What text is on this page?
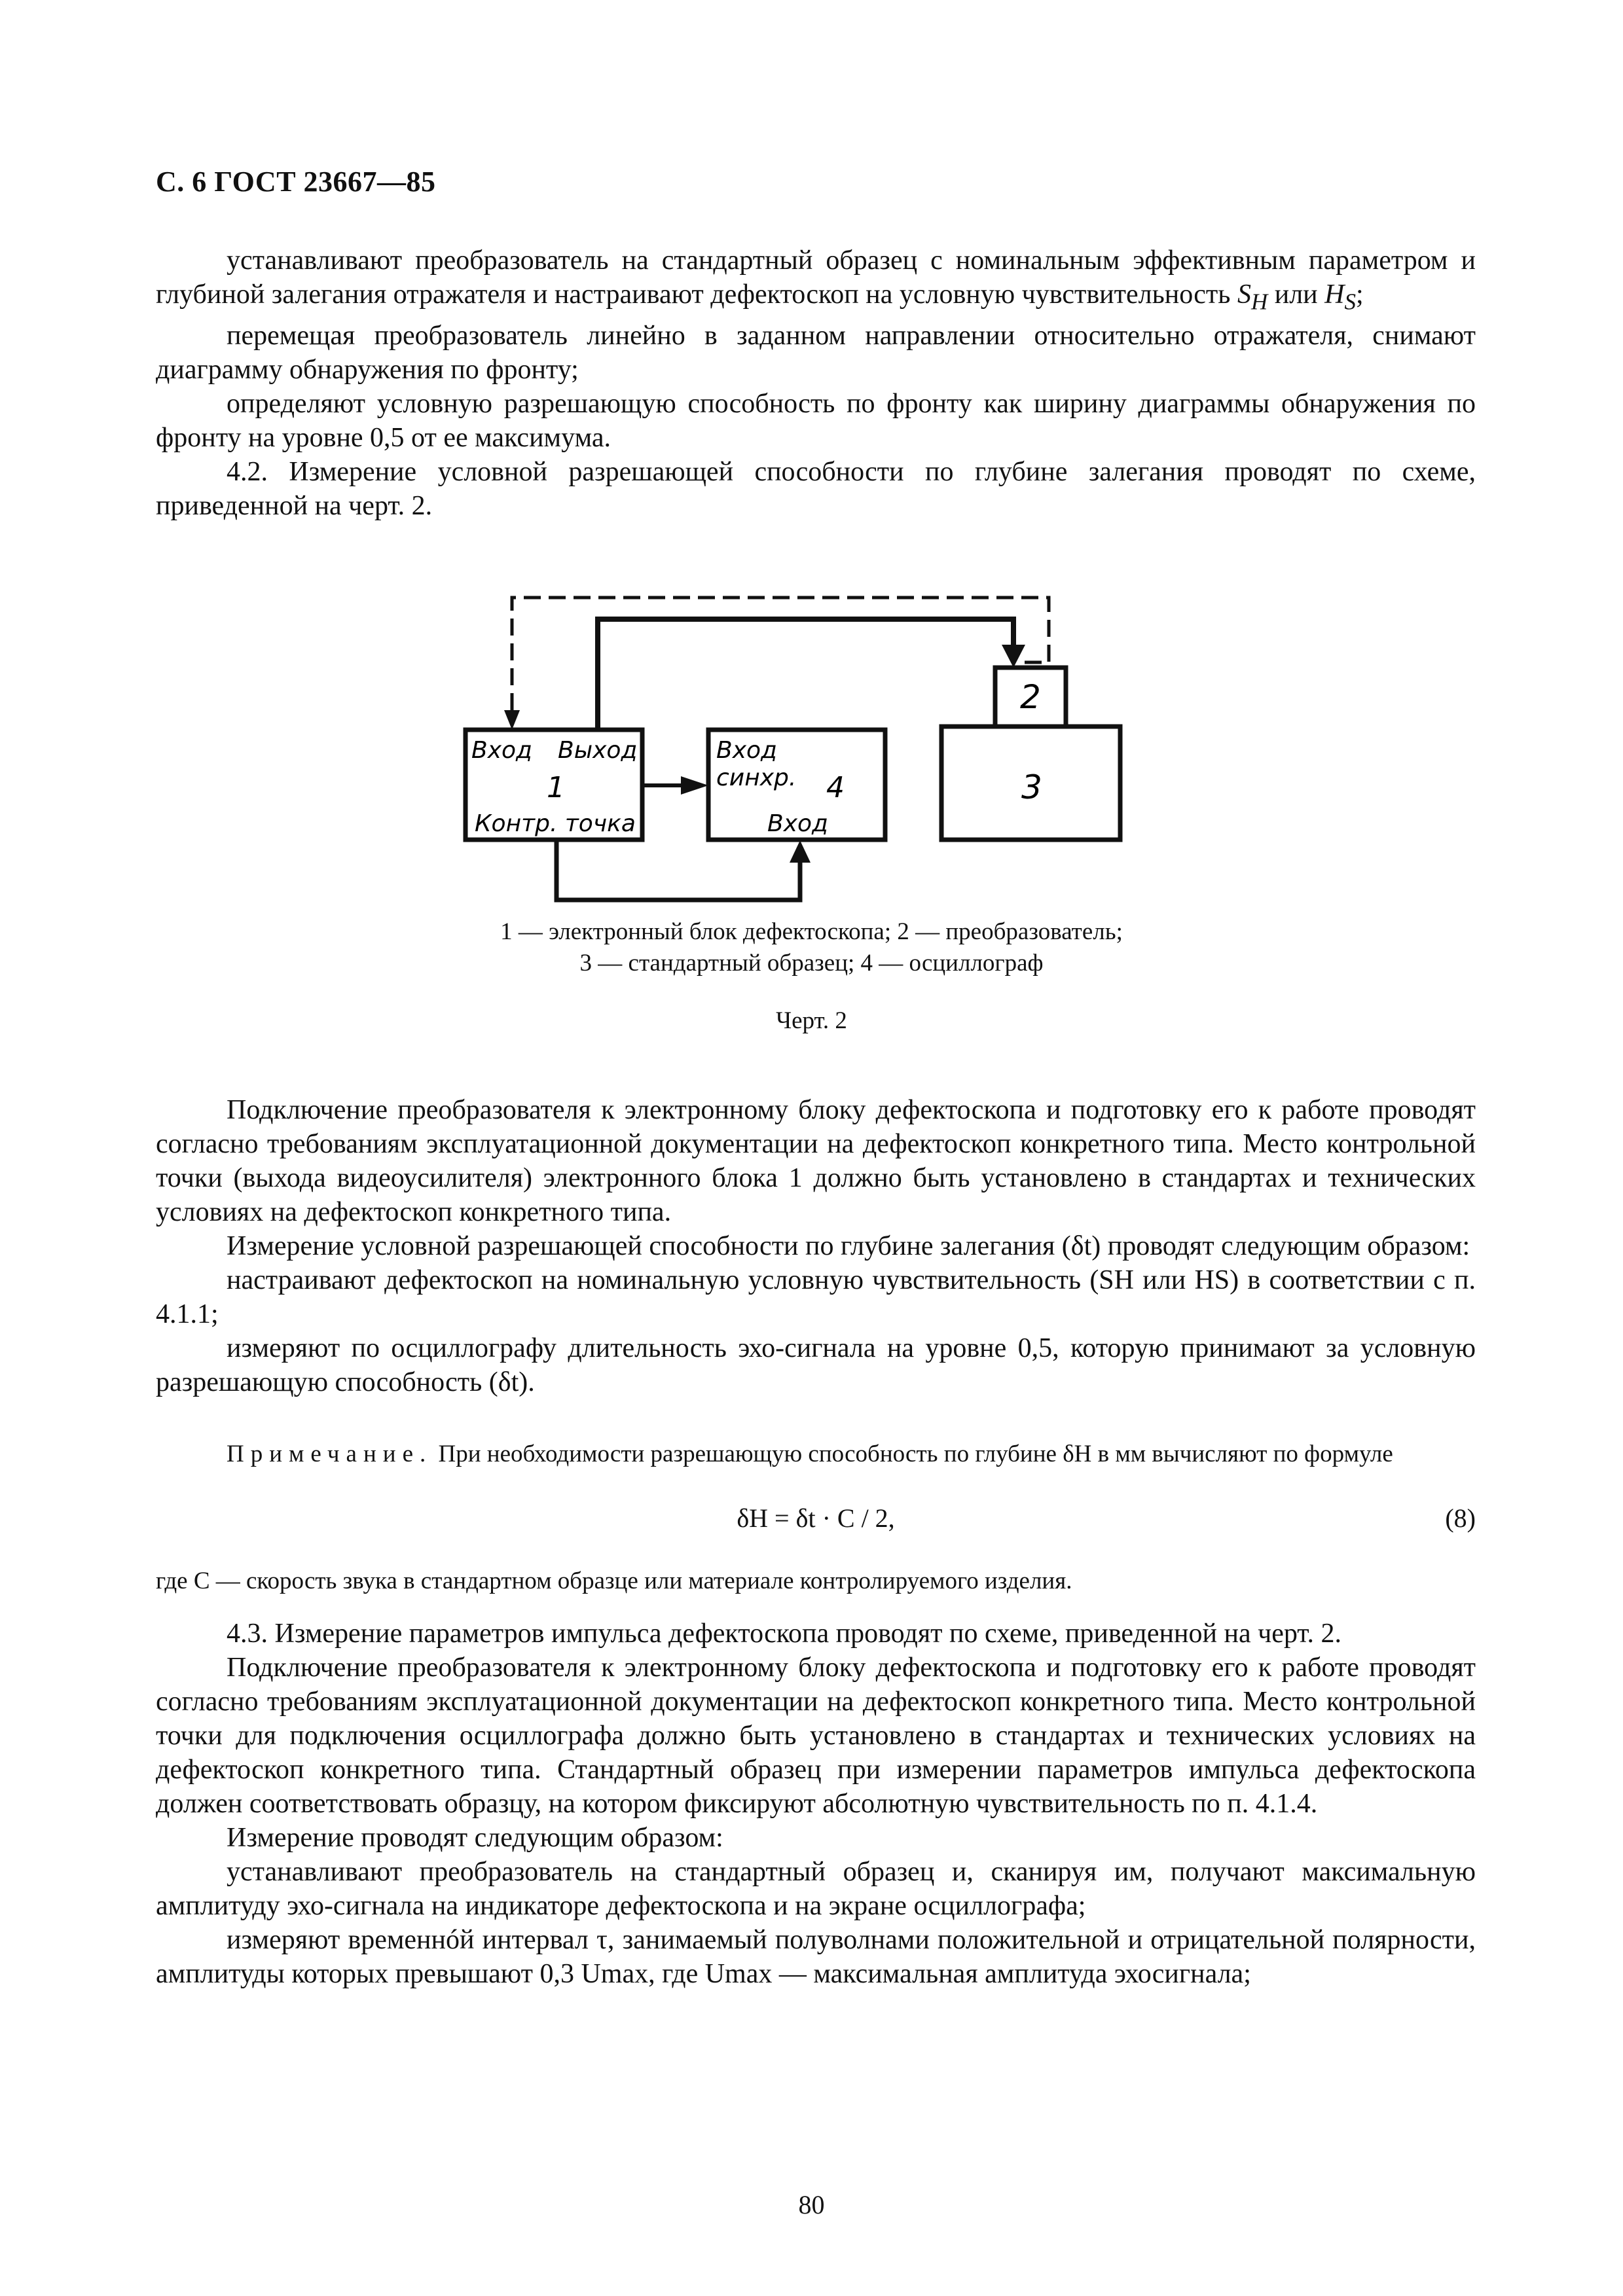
С. 6 ГОСТ 23667—85

устанавливают преобразователь на стандартный образец с номинальным эффективным параметром и глубиной залегания отражателя и настраивают дефектоскоп на условную чувствительность $S_H$ или $H_S$;

перемещая преобразователь линейно в заданном направлении относительно отражателя, снимают диаграмму обнаружения по фронту;

определяют условную разрешающую способность по фронту как ширину диаграммы обнаружения по фронту на уровне 0,5 от ее максимума.

4.2. Измерение условной разрешающей способности по глубине залегания проводят по схеме, приведенной на черт. 2.

Вход Выход
1
Контр. точка
Вход
синхр. 4
Вход
2
3
1 — электронный блок дефектоскопа; 2 — преобразователь;
3 — стандартный образец; 4 — осциллограф
Черт. 2

Подключение преобразователя к электронному блоку дефектоскопа и подготовку его к работе проводят согласно требованиям эксплуатационной документации на дефектоскоп конкретного типа. Место контрольной точки (выхода видеоусилителя) электронного блока 1 должно быть установлено в стандартах и технических условиях на дефектоскоп конкретного типа.

Измерение условной разрешающей способности по глубине залегания (δt) проводят следующим образом:

настраивают дефектоскоп на номинальную условную чувствительность (SH или HS) в соответствии с п. 4.1.1;

измеряют по осциллографу длительность эхо-сигнала на уровне 0,5, которую принимают за условную разрешающую способность (δt).

Примечание. При необходимости разрешающую способность по глубине δH в мм вычисляют по формуле
δH = δt · C / 2,	(8)
где C — скорость звука в стандартном образце или материале контролируемого изделия.

4.3. Измерение параметров импульса дефектоскопа проводят по схеме, приведенной на черт. 2.

Подключение преобразователя к электронному блоку дефектоскопа и подготовку его к работе проводят согласно требованиям эксплуатационной документации на дефектоскоп конкретного типа. Место контрольной точки для подключения осциллографа должно быть установлено в стандартах и технических условиях на дефектоскоп конкретного типа. Стандартный образец при измерении параметров импульса дефектоскопа должен соответствовать образцу, на котором фиксируют абсолютную чувствительность по п. 4.1.4.

Измерение проводят следующим образом:

устанавливают преобразователь на стандартный образец и, сканируя им, получают максимальную амплитуду эхо-сигнала на индикаторе дефектоскопа и на экране осциллографа;

измеряют временнóй интервал τ, занимаемый полуволнами положительной и отрицательной полярности, амплитуды которых превышают 0,3 Umax, где Umax — максимальная амплитуда эхосигнала;

80
